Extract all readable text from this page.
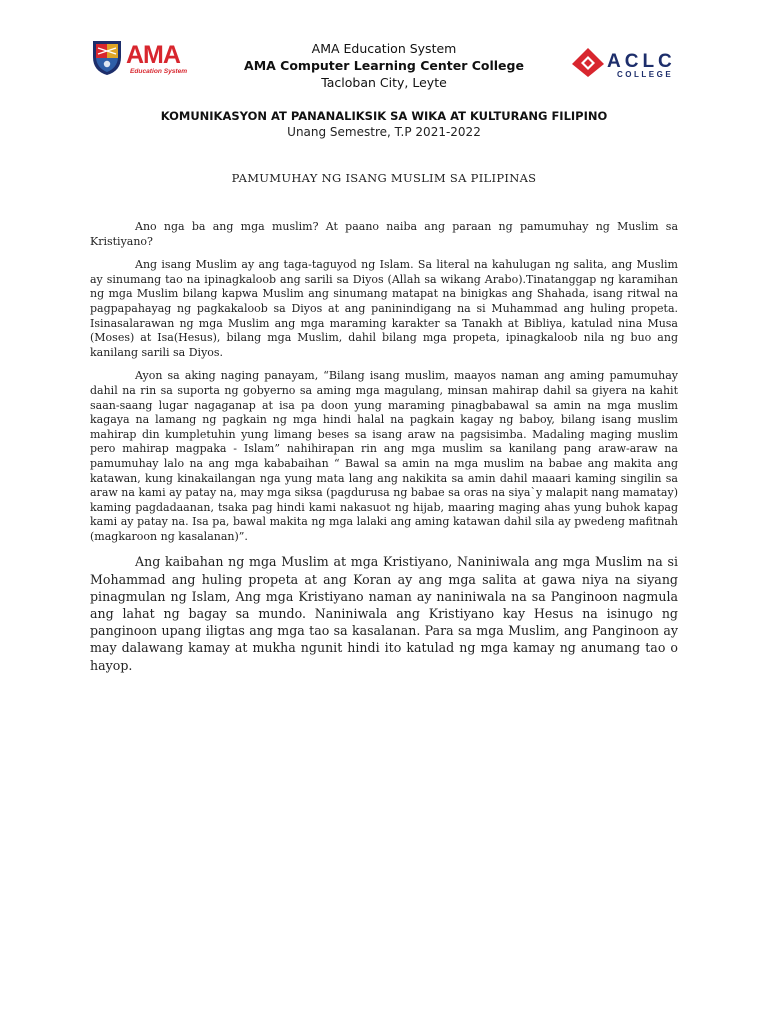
AMA
Education System
AMA Education System
AMA Computer Learning Center College
Tacloban City, Leyte
ACLC
COLLEGE
KOMUNIKASYON AT PANANALIKSIK SA WIKA AT KULTURANG FILIPINO
Unang Semestre, T.P 2021-2022
PAMUMUHAY NG ISANG MUSLIM SA PILIPINAS

Ano nga ba ang mga muslim? At paano naiba ang paraan ng pamumuhay ng Muslim sa Kristiyano?

Ang isang Muslim ay ang taga-taguyod ng Islam. Sa literal na kahulugan ng salita, ang Muslim ay sinumang tao na ipinagkaloob ang sarili sa Diyos (Allah sa wikang Arabo).Tinatanggap ng karamihan ng mga Muslim bilang kapwa Muslim ang sinumang matapat na binigkas ang Shahada, isang ritwal na pagpapahayag ng pagkakaloob sa Diyos at ang paninindigang na si Muhammad ang huling propeta. Isinasalarawan ng mga Muslim ang mga maraming karakter sa Tanakh at Bibliya, katulad nina Musa (Moses) at Isa(Hesus), bilang mga Muslim, dahil bilang mga propeta, ipinagkaloob nila ng buo ang kanilang sarili sa Diyos.

Ayon sa aking naging panayam, “Bilang isang muslim, maayos naman ang aming pamumuhay dahil na rin sa suporta ng gobyerno sa aming mga magulang, minsan mahirap dahil sa giyera na kahit saan-saang lugar nagaganap at isa pa doon yung maraming pinagbabawal sa amin na mga muslim kagaya na lamang ng pagkain ng mga hindi halal na pagkain kagay ng baboy, bilang isang muslim mahirap din kumpletuhin yung limang beses sa isang araw na pagsisimba. Madaling maging muslim pero mahirap magpaka - Islam” nahihirapan rin ang mga muslim sa kanilang pang araw-araw na pamumuhay lalo na ang mga kababaihan “ Bawal sa amin na mga muslim na babae ang makita ang katawan, kung kinakailangan nga yung mata lang ang nakikita sa amin dahil maaari kaming singilin sa araw na kami ay patay na, may mga siksa (pagdurusa ng babae sa oras na siya`y malapit nang mamatay) kaming pagdadaanan, tsaka pag hindi kami nakasuot ng hijab, maaring maging ahas yung buhok kapag kami ay patay na. Isa pa, bawal makita ng mga lalaki ang aming katawan dahil sila ay pwedeng mafitnah (magkaroon ng kasalanan)”.

Ang kaibahan ng mga Muslim at mga Kristiyano, Naniniwala ang mga Muslim na si Mohammad ang huling propeta at ang Koran ay ang mga salita at gawa niya na siyang pinagmulan ng Islam, Ang mga Kristiyano naman ay naniniwala na sa Panginoon nagmula ang lahat ng bagay sa mundo. Naniniwala ang Kristiyano kay Hesus na isinugo ng panginoon upang iligtas ang mga tao sa kasalanan. Para sa mga Muslim, ang Panginoon ay may dalawang kamay at mukha ngunit hindi ito katulad ng mga kamay ng anumang tao o hayop.
